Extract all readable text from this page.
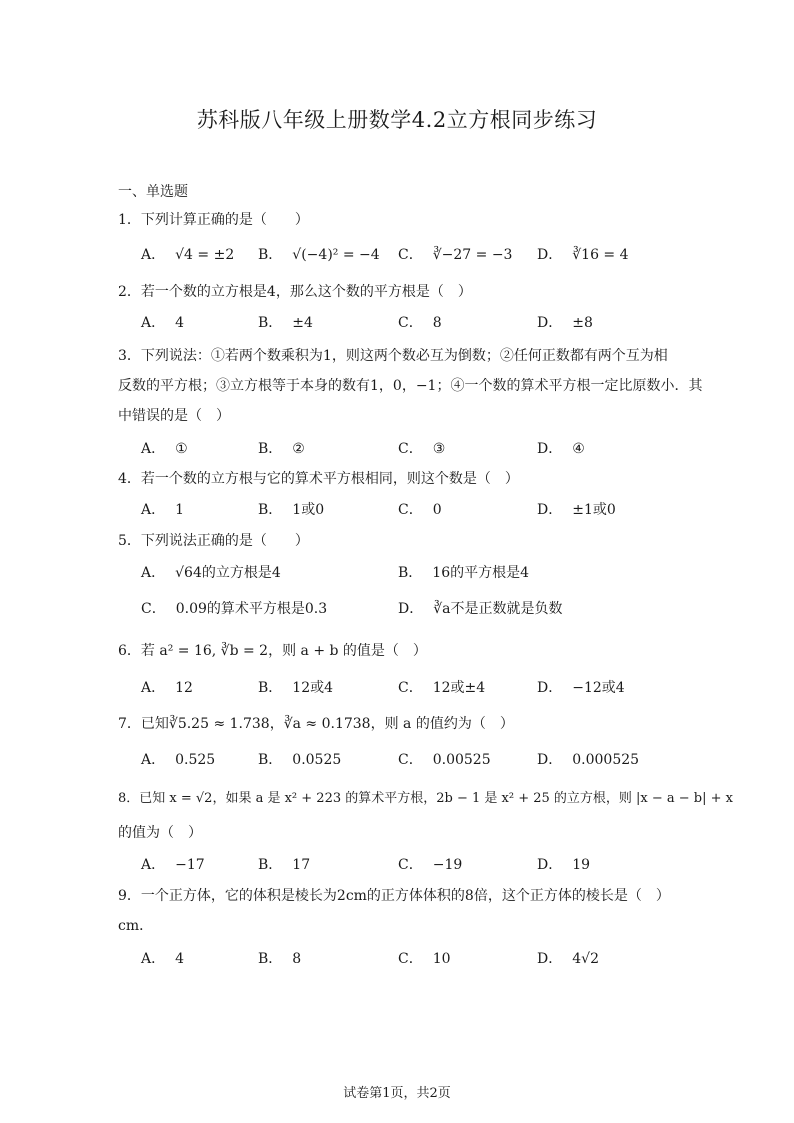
苏科版八年级上册数学4.2立方根同步练习
一、单选题
1．下列计算正确的是（　　）
A． √4 = ±2 B． √(−4)² = −4 C． ∛−27 = −3 D． ∛16 = 4
2．若一个数的立方根是4，那么这个数的平方根是（　）
A． 4	B． ±4	C． 8	D． ±8
3．下列说法：①若两个数乘积为1，则这两个数必互为倒数；②任何正数都有两个互为相
反数的平方根；③立方根等于本身的数有1，0，−1；④一个数的算术平方根一定比原数小．其
中错误的是（　）
A． ①	B． ②	C． ③	D． ④
4．若一个数的立方根与它的算术平方根相同，则这个数是（　）
A． 1	B． 1或0	C． 0	D． ±1或0
5．下列说法正确的是（　　）
A． √64的立方根是4	B． 16的平方根是4
C． 0.09的算术平方根是0.3	D． ∛a不是正数就是负数
6．若 a² = 16, ∛b = 2，则 a + b 的值是（　）
A． 12	B． 12或4	C． 12或±4	D． −12或4
7．已知∛5.25 ≈ 1.738，∛a ≈ 0.1738，则 a 的值约为（　）
A． 0.525	B． 0.0525	C． 0.00525	D． 0.000525
8．已知 x = √2，如果 a 是 x² + 223 的算术平方根，2b − 1 是 x² + 25 的立方根，则 |x − a − b| + x
的值为（　）
A． −17	B． 17	C． −19	D． 19
9．一个正方体，它的体积是棱长为2cm的正方体体积的8倍，这个正方体的棱长是（　）
cm．
A． 4	B． 8	C． 10	D． 4√2
试卷第1页，共2页
